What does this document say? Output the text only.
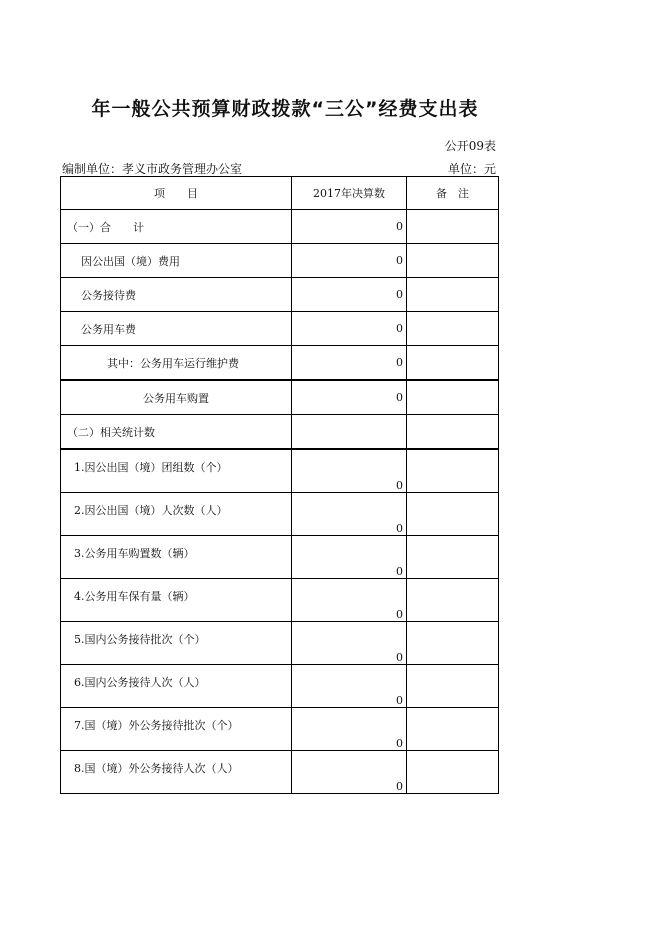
年一般公共预算财政拨款“三公”经费支出表
公开09表
编制单位：孝义市政务管理办公室	单位：元
项　　目	2017年决算数	备　注
（一）合　　计	0	
因公出国（境）费用	0	
公务接待费	0	
公务用车费	0	
其中：公务用车运行维护费	0	
公务用车购置	0	
（二）相关统计数		
1.因公出国（境）团组数（个）	0	
2.因公出国（境）人次数（人）	0	
3.公务用车购置数（辆）	0	
4.公务用车保有量（辆）	0	
5.国内公务接待批次（个）	0	
6.国内公务接待人次（人）	0	
7.国（境）外公务接待批次（个）	0	
8.国（境）外公务接待人次（人）	0	
